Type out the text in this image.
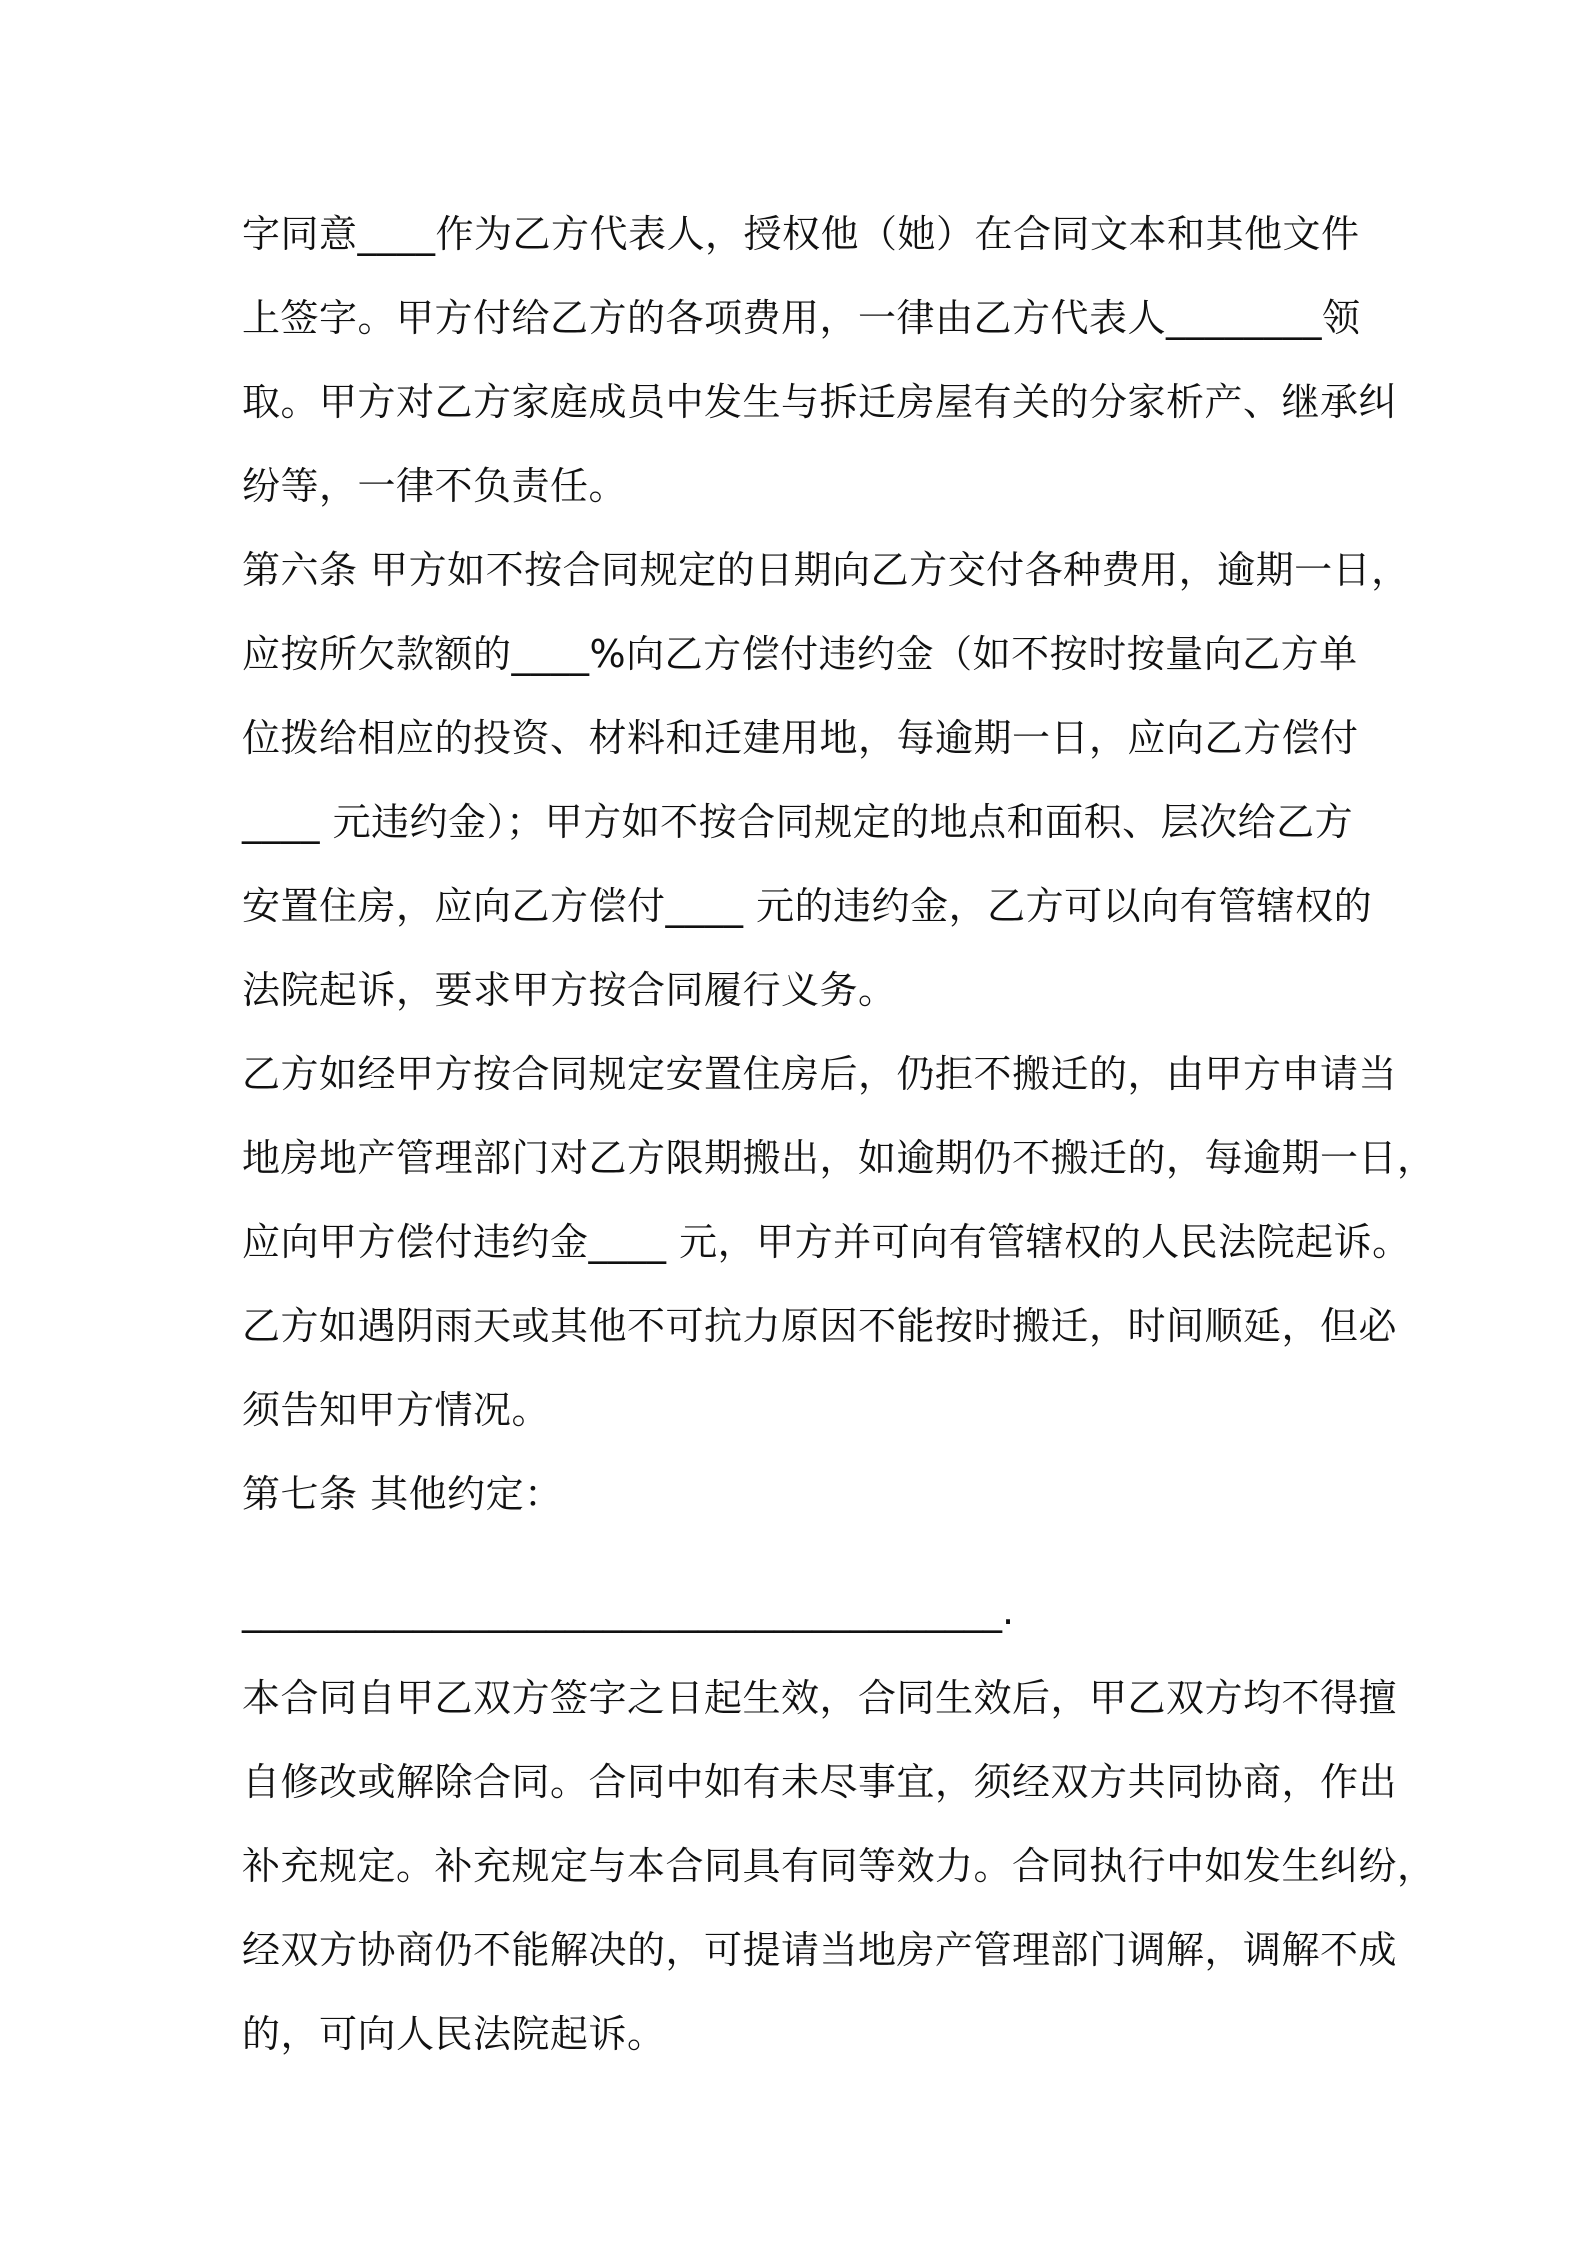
字同意____作为乙方代表人，授权他（她）在合同文本和其他文件
上签字。甲方付给乙方的各项费用，一律由乙方代表人________领
取。甲方对乙方家庭成员中发生与拆迁房屋有关的分家析产、继承纠
纷等，一律不负责任。
第六条 甲方如不按合同规定的日期向乙方交付各种费用，逾期一日，
应按所欠款额的____%向乙方偿付违约金（如不按时按量向乙方单
位拨给相应的投资、材料和迁建用地，每逾期一日，应向乙方偿付
____ 元违约金）；甲方如不按合同规定的地点和面积、层次给乙方
安置住房，应向乙方偿付____ 元的违约金，乙方可以向有管辖权的
法院起诉，要求甲方按合同履行义务。
乙方如经甲方按合同规定安置住房后，仍拒不搬迁的，由甲方申请当
地房地产管理部门对乙方限期搬出，如逾期仍不搬迁的，每逾期一日，
应向甲方偿付违约金____ 元，甲方并可向有管辖权的人民法院起诉。
乙方如遇阴雨天或其他不可抗力原因不能按时搬迁，时间顺延，但必
须告知甲方情况。
第七条 其他约定：
________________________________________.
本合同自甲乙双方签字之日起生效，合同生效后，甲乙双方均不得擅
自修改或解除合同。合同中如有未尽事宜，须经双方共同协商，作出
补充规定。补充规定与本合同具有同等效力。合同执行中如发生纠纷，
经双方协商仍不能解决的，可提请当地房产管理部门调解，调解不成
的，可向人民法院起诉。
